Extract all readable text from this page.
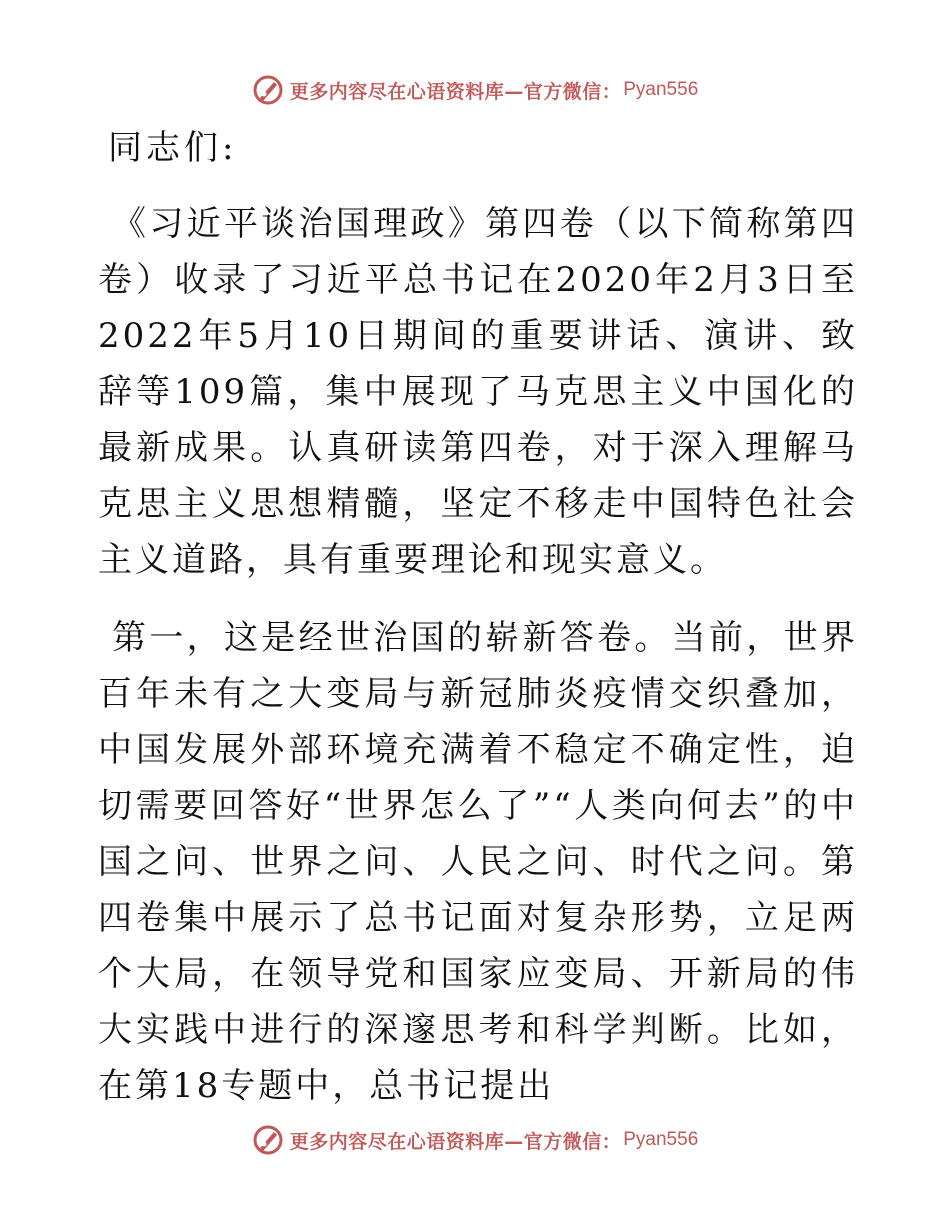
更多内容尽在心语资料库—官方微信： Pyan556

同志们:

《习近平谈治国理政》第四卷（以下简称第四卷）收录了习近平总书记在2020年2月3日至2022年5月10日期间的重要讲话、演讲、致辞等109篇，集中展现了马克思主义中国化的最新成果。认真研读第四卷，对于深入理解马克思主义思想精髓，坚定不移走中国特色社会主义道路，具有重要理论和现实意义。

第一，这是经世治国的崭新答卷。当前，世界百年未有之大变局与新冠肺炎疫情交织叠加，中国发展外部环境充满着不稳定不确定性，迫切需要回答好“世界怎么了”“人类向何去”的中国之问、世界之问、人民之问、时代之问。第四卷集中展示了总书记面对复杂形势，立足两个大局，在领导党和国家应变局、开新局的伟大实践中进行的深邃思考和科学判断。比如，在第18专题中，总书记提出

更多内容尽在心语资料库—官方微信： Pyan556
